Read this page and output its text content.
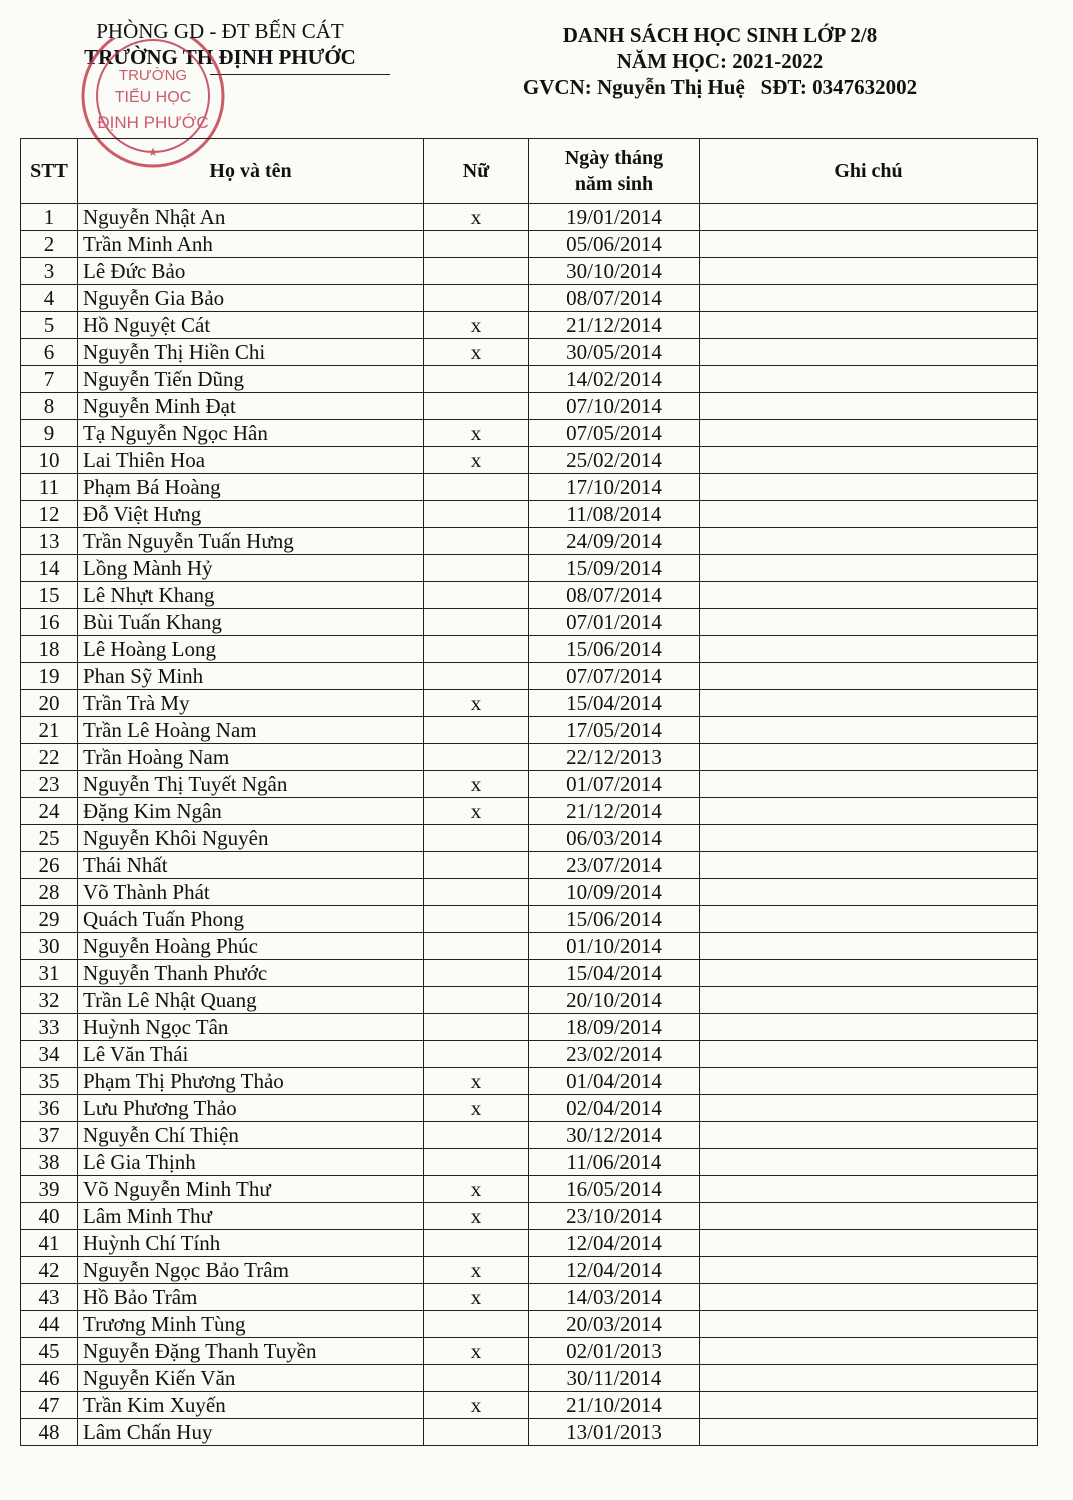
PHÒNG GD - ĐT BẾN CÁT
TRƯỜNG TH ĐỊNH PHƯỚC
TRƯỜNG
TIỂU HỌC
ĐỊNH PHƯỚC
★
DANH SÁCH HỌC SINH LỚP 2/8
NĂM HỌC: 2021-2022
GVCN: Nguyễn Thị Huệ   SĐT: 0347632002
STT	Họ và tên	Nữ	Ngày tháng
năm sinh	Ghi chú
1	Nguyễn Nhật An	x	19/01/2014	
2	Trần Minh Anh		05/06/2014	
3	Lê Đức Bảo		30/10/2014	
4	Nguyễn Gia Bảo		08/07/2014	
5	Hồ Nguyệt Cát	x	21/12/2014	
6	Nguyễn Thị Hiền Chi	x	30/05/2014	
7	Nguyễn Tiến Dũng		14/02/2014	
8	Nguyễn Minh Đạt		07/10/2014	
9	Tạ Nguyễn Ngọc Hân	x	07/05/2014	
10	Lai Thiên Hoa	x	25/02/2014	
11	Phạm Bá Hoàng		17/10/2014	
12	Đỗ Việt Hưng		11/08/2014	
13	Trần Nguyễn Tuấn Hưng		24/09/2014	
14	Lồng Mành Hỷ		15/09/2014	
15	Lê Nhựt Khang		08/07/2014	
16	Bùi Tuấn Khang		07/01/2014	
18	Lê Hoàng Long		15/06/2014	
19	Phan Sỹ Minh		07/07/2014	
20	Trần Trà My	x	15/04/2014	
21	Trần Lê Hoàng Nam		17/05/2014	
22	Trần Hoàng Nam		22/12/2013	
23	Nguyễn Thị Tuyết Ngân	x	01/07/2014	
24	Đặng Kim Ngân	x	21/12/2014	
25	Nguyễn Khôi Nguyên		06/03/2014	
26	Thái Nhất		23/07/2014	
28	Võ Thành Phát		10/09/2014	
29	Quách Tuấn Phong		15/06/2014	
30	Nguyễn Hoàng Phúc		01/10/2014	
31	Nguyễn Thanh Phước		15/04/2014	
32	Trần Lê Nhật Quang		20/10/2014	
33	Huỳnh Ngọc Tân		18/09/2014	
34	Lê Văn Thái		23/02/2014	
35	Phạm Thị Phương Thảo	x	01/04/2014	
36	Lưu Phương Thảo	x	02/04/2014	
37	Nguyễn Chí Thiện		30/12/2014	
38	Lê Gia Thịnh		11/06/2014	
39	Võ Nguyễn Minh Thư	x	16/05/2014	
40	Lâm Minh Thư	x	23/10/2014	
41	Huỳnh Chí Tính		12/04/2014	
42	Nguyễn Ngọc Bảo Trâm	x	12/04/2014	
43	Hồ Bảo Trâm	x	14/03/2014	
44	Trương Minh Tùng		20/03/2014	
45	Nguyễn Đặng Thanh Tuyền	x	02/01/2013	
46	Nguyễn Kiến Văn		30/11/2014	
47	Trần Kim Xuyến	x	21/10/2014	
48	Lâm Chấn Huy		13/01/2013	
